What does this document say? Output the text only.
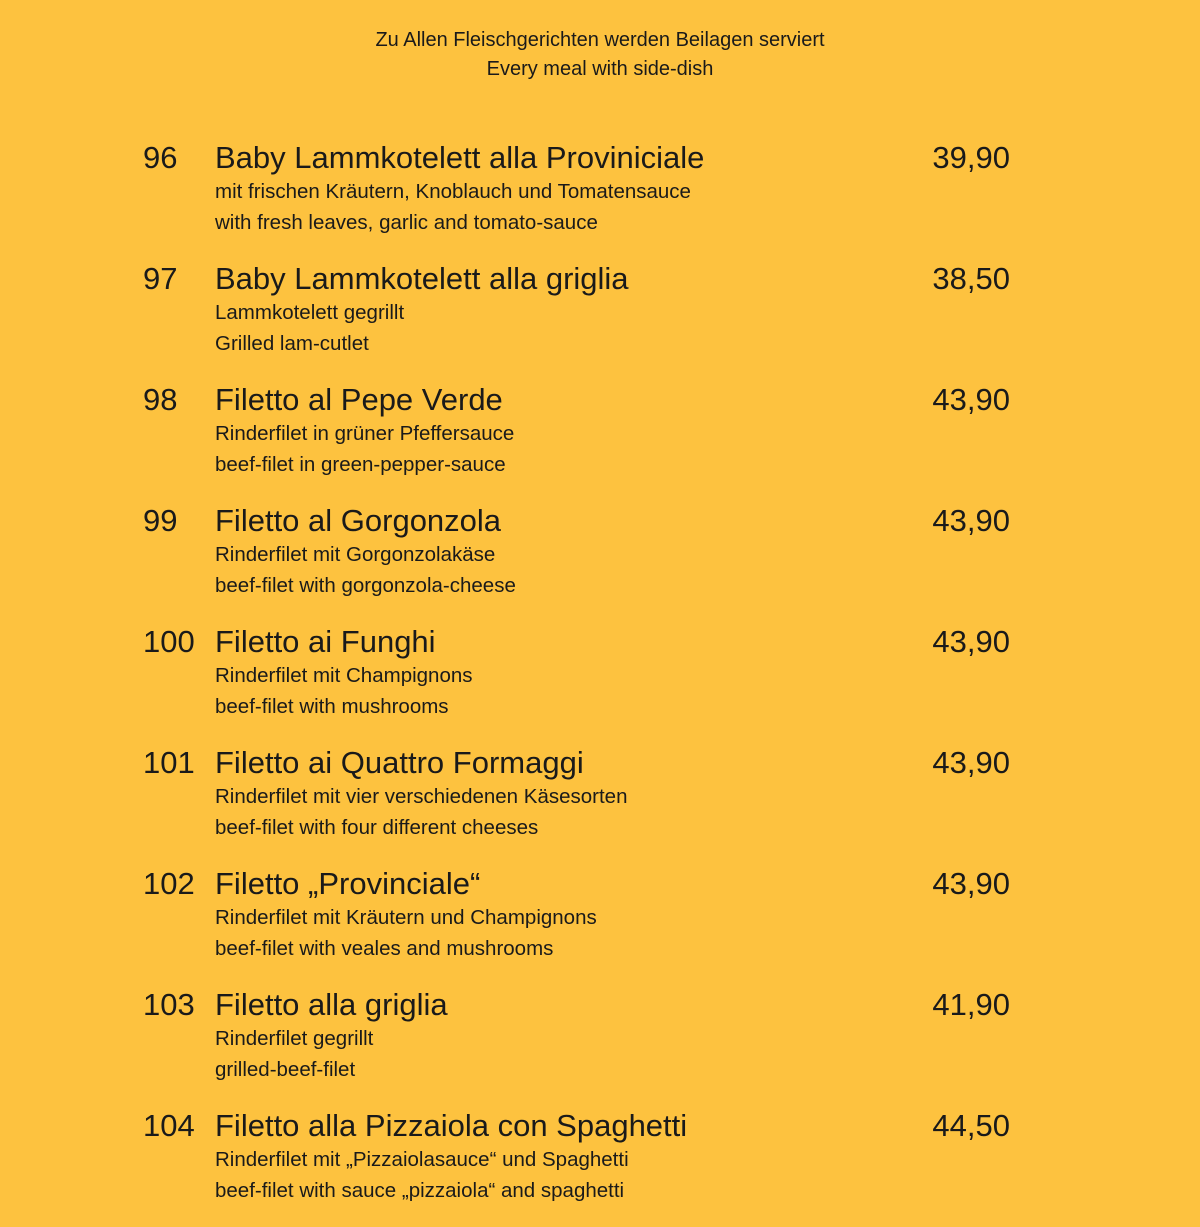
Zu Allen Fleischgerichten werden Beilagen serviert
Every meal with side-dish
96 Baby Lammkotelett alla Proviniciale	39,90
mit frischen Kräutern, Knoblauch und Tomatensauce
with fresh leaves, garlic and tomato-sauce
97 Baby Lammkotelett alla griglia	38,50
Lammkotelett gegrillt
Grilled lam-cutlet
98 Filetto al Pepe Verde	43,90
Rinderfilet in grüner Pfeffersauce
beef-filet in green-pepper-sauce
99 Filetto al Gorgonzola	43,90
Rinderfilet mit Gorgonzolakäse
beef-filet with gorgonzola-cheese
100 Filetto ai Funghi	43,90
Rinderfilet mit Champignons
beef-filet with mushrooms
101 Filetto ai Quattro Formaggi	43,90
Rinderfilet mit vier verschiedenen Käsesorten
beef-filet with four different cheeses
102 Filetto „Provinciale“	43,90
Rinderfilet mit Kräutern und Champignons
beef-filet with veales and mushrooms
103 Filetto alla griglia	41,90
Rinderfilet gegrillt
grilled-beef-filet
104 Filetto alla Pizzaiola con Spaghetti	44,50
Rinderfilet mit „Pizzaiolasauce“ und Spaghetti
beef-filet with sauce „pizzaiola“ and spaghetti
